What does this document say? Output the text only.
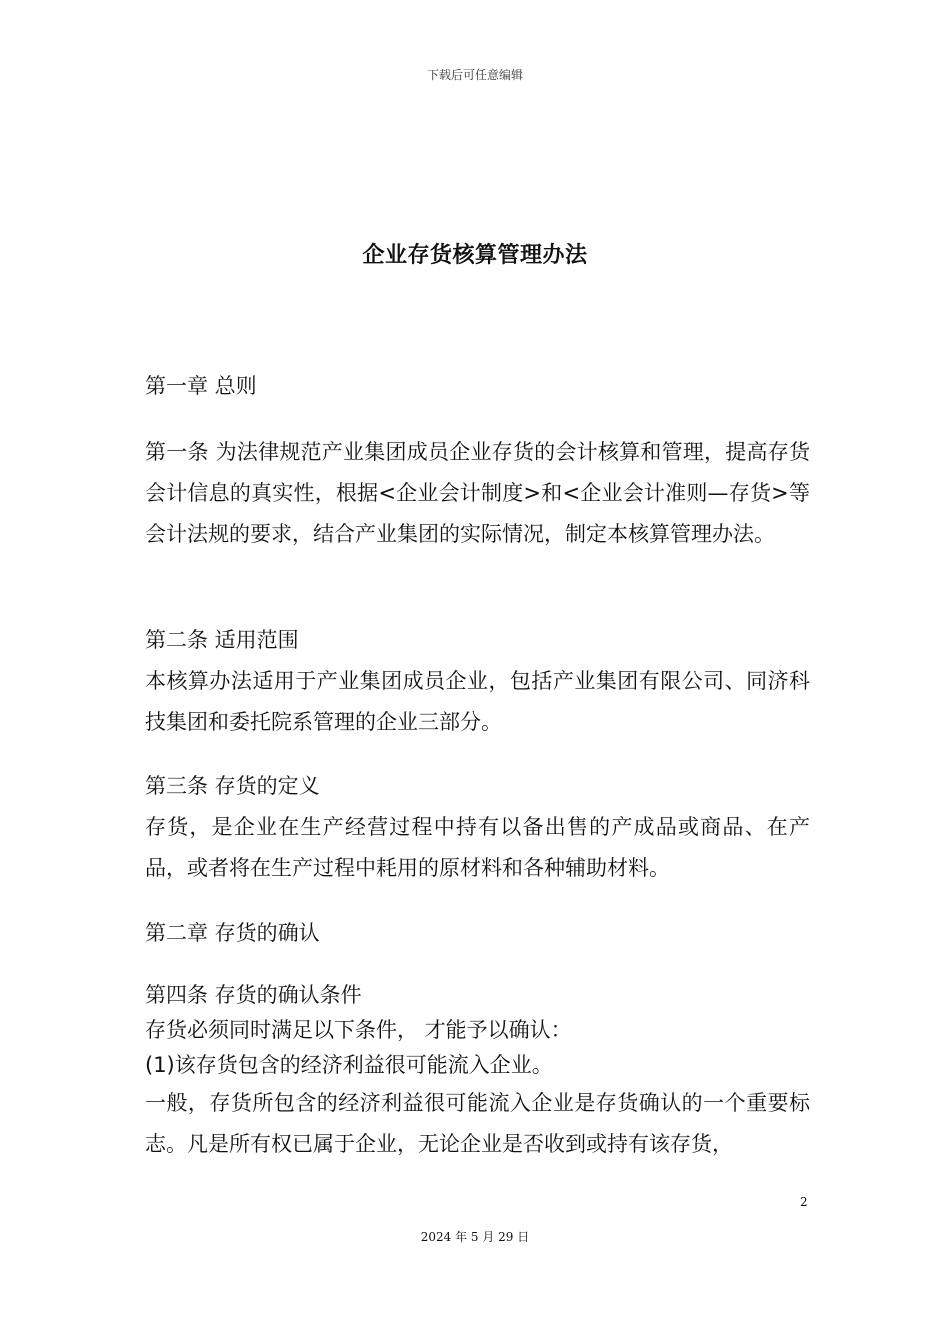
下载后可任意编辑
企业存货核算管理办法

第一章 总则

第一条 为法律规范产业集团成员企业存货的会计核算和管理，提高存货会计信息的真实性，根据<企业会计制度>和<企业会计准则—存货>等会计法规的要求，结合产业集团的实际情况，制定本核算管理办法。

第二条 适用范围

本核算办法适用于产业集团成员企业，包括产业集团有限公司、同济科技集团和委托院系管理的企业三部分。

第三条 存货的定义

存货，是企业在生产经营过程中持有以备出售的产成品或商品、在产品，或者将在生产过程中耗用的原材料和各种辅助材料。

第二章 存货的确认

第四条 存货的确认条件

存货必须同时满足以下条件， 才能予以确认：

(1)该存货包含的经济利益很可能流入企业。

一般，存货所包含的经济利益很可能流入企业是存货确认的一个重要标志。凡是所有权已属于企业，无论企业是否收到或持有该存货，

2
2024 年 5 月 29 日
